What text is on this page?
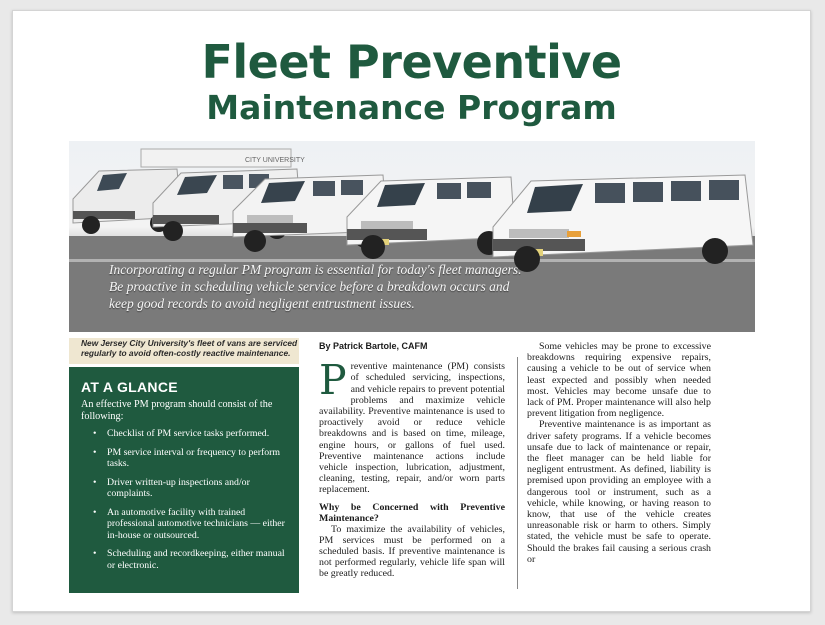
Fleet Preventive
Maintenance Program
CITY UNIVERSITY
Incorporating a regular PM program is essential for today's fleet managers. Be proactive in scheduling vehicle service before a breakdown occurs and keep good records to avoid negligent entrustment issues.
New Jersey City University's fleet of vans are serviced regularly to avoid often-costly reactive maintenance.
AT A GLANCE
An effective PM program should consist of the following:
• Checklist of PM service tasks performed.
• PM service interval or frequency to perform tasks.
• Driver written-up inspections and/or complaints.
• An automotive facility with trained professional automotive technicians — either in-house or outsourced.
• Scheduling and recordkeeping, either manual or electronic.
By Patrick Bartole, CAFM

Preventive maintenance (PM) consists of scheduled servicing, inspections, and vehicle repairs to prevent potential problems and maximize vehicle availability. Preventive maintenance is used to proactively avoid or reduce vehicle breakdowns and is based on time, mileage, engine hours, or gallons of fuel used. Preventive maintenance actions include vehicle inspection, lubrication, adjustment, cleaning, testing, repair, and/or worn parts replacement.

Why be Concerned with Preventive Maintenance?

To maximize the availability of vehicles, PM services must be performed on a scheduled basis. If preventive maintenance is not performed regularly, vehicle life span will be greatly reduced.

Some vehicles may be prone to excessive breakdowns requiring expensive repairs, causing a vehicle to be out of service when least expected and possibly when needed most. Vehicles may become unsafe due to lack of PM. Proper maintenance will also help prevent litigation from negligence.

Preventive maintenance is as important as driver safety programs. If a vehicle becomes unsafe due to lack of maintenance or repair, the fleet manager can be held liable for negligent entrustment. As defined, liability is premised upon providing an employee with a dangerous tool or instrument, such as a vehicle, while knowing, or having reason to know, that use of the vehicle creates unreasonable risk or harm to others. Simply stated, the vehicle must be safe to operate. Should the brakes fail causing a serious crash or
